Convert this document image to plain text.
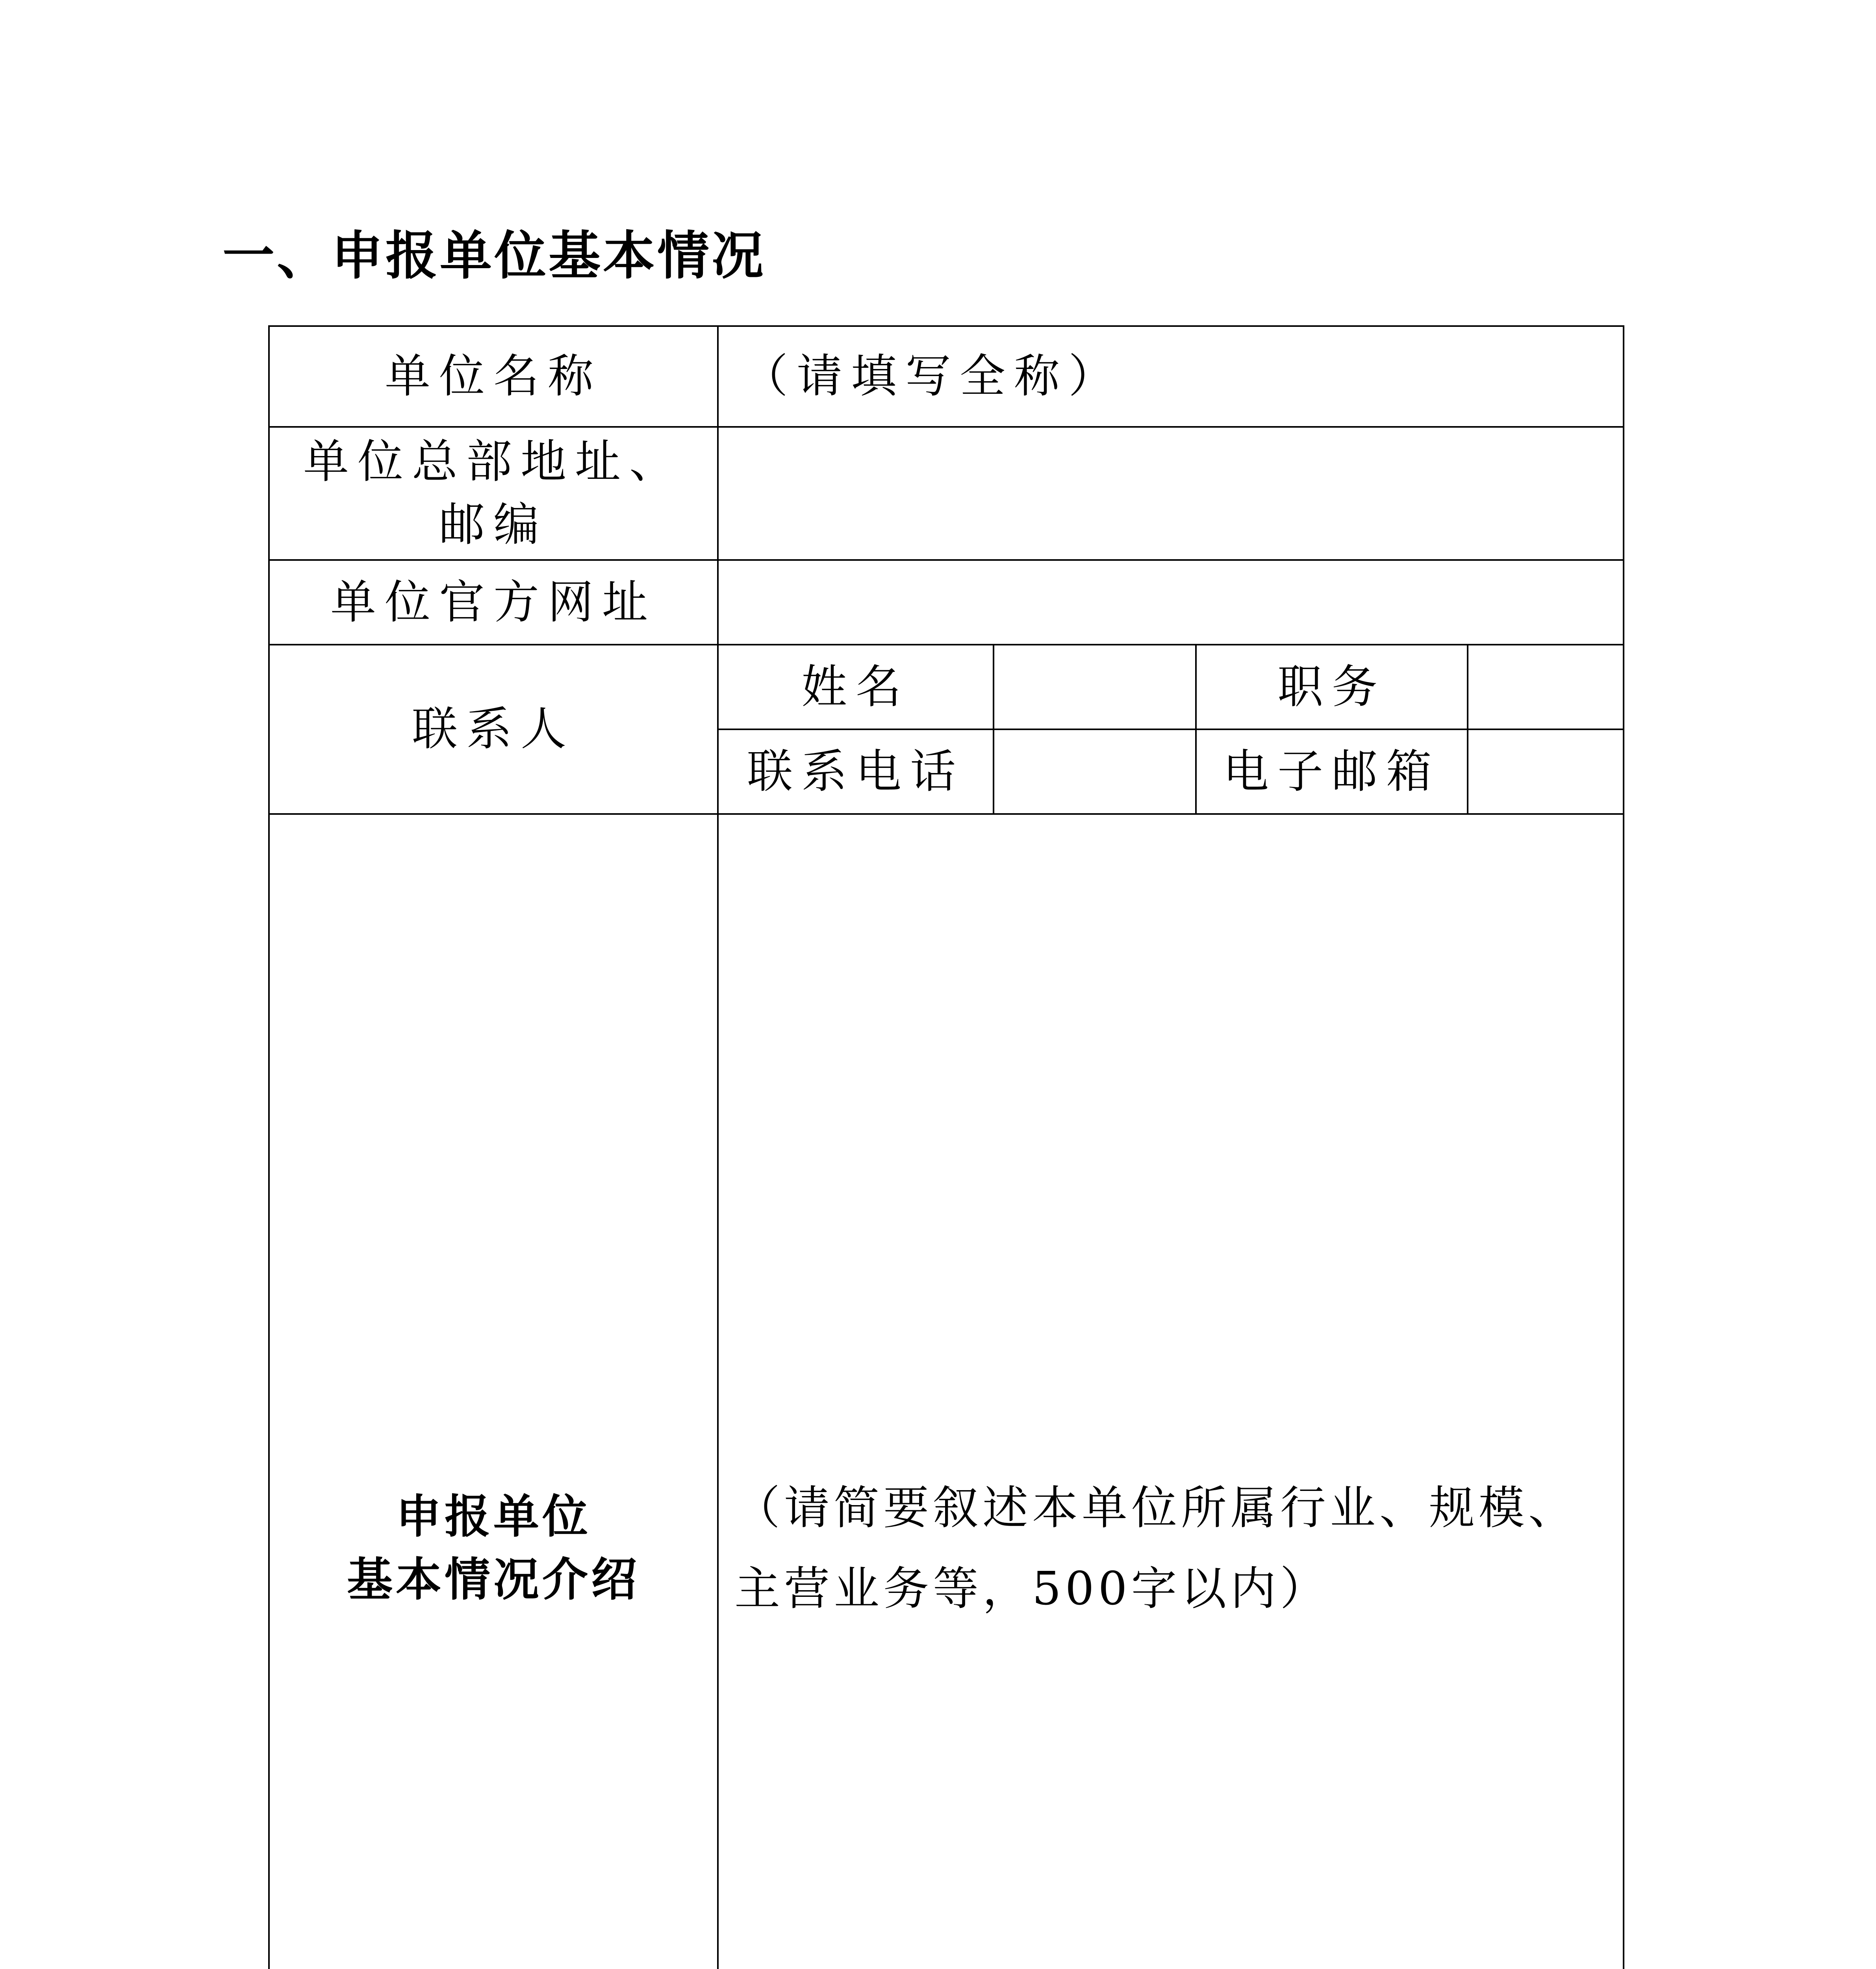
一、申报单位基本情况
单位名称	（请填写全称）			

单位总部地址、
邮编				

单位官方网址				
联系人	姓名		职务	
	联系电话		电子邮箱	

申报单位
基本情况介绍	（请简要叙述本单位所属行业、规模、
主营业务等，500字以内）			
